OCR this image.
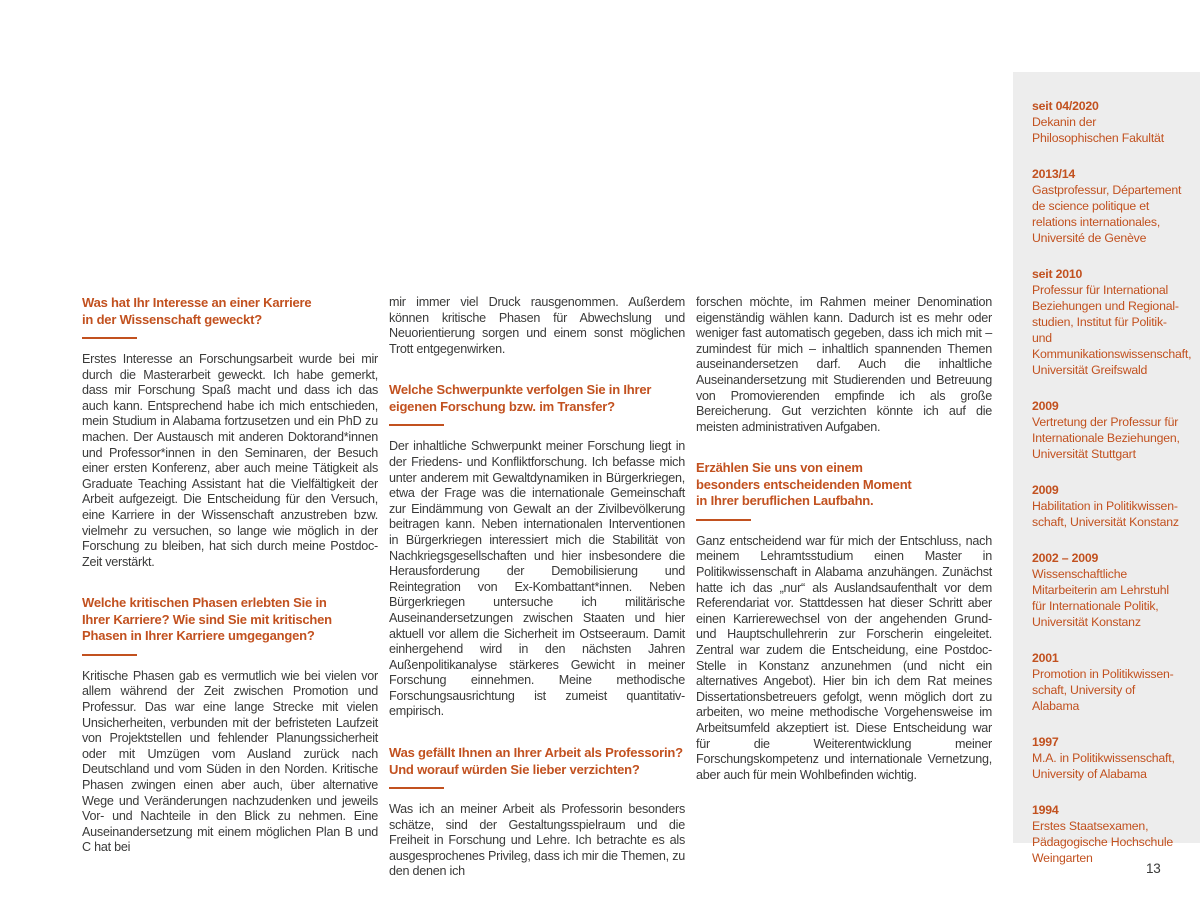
Was hat Ihr Interesse an einer Karriere
in der Wissenschaft geweckt?

Erstes Interesse an Forschungsarbeit wurde bei mir durch die Masterarbeit geweckt. Ich habe gemerkt, dass mir Forschung Spaß macht und dass ich das auch kann. Entsprechend habe ich mich entschieden, mein Studium in Alabama fortzusetzen und ein PhD zu machen. Der Austausch mit anderen Doktorand*innen und Professor*innen in den Seminaren, der Besuch einer ersten Konferenz, aber auch meine Tätigkeit als Graduate Teaching Assistant hat die Vielfältigkeit der Arbeit aufgezeigt. Die Entscheidung für den Versuch, eine Karriere in der Wissenschaft anzustreben bzw. vielmehr zu versuchen, so lange wie möglich in der Forschung zu bleiben, hat sich durch meine Postdoc-Zeit verstärkt.

Welche kritischen Phasen erlebten Sie in
Ihrer Karriere? Wie sind Sie mit kritischen
Phasen in Ihrer Karriere umgegangen?

Kritische Phasen gab es vermutlich wie bei vielen vor allem während der Zeit zwischen Promotion und Professur. Das war eine lange Strecke mit vielen Unsicherheiten, verbunden mit der befristeten Laufzeit von Projektstellen und fehlender Planungssicherheit oder mit Umzügen vom Ausland zurück nach Deutschland und vom Süden in den Norden. Kritische Phasen zwingen einen aber auch, über alternative Wege und Veränderungen nachzudenken und jeweils Vor- und Nachteile in den Blick zu nehmen. Eine Auseinandersetzung mit einem möglichen Plan B und C hat bei

mir immer viel Druck rausgenommen. Außerdem können kritische Phasen für Abwechslung und Neuorientierung sorgen und einem sonst möglichen Trott entgegenwirken.

Welche Schwerpunkte verfolgen Sie in Ihrer
eigenen Forschung bzw. im Transfer?

Der inhaltliche Schwerpunkt meiner Forschung liegt in der Friedens- und Konfliktforschung. Ich befasse mich unter anderem mit Gewaltdynamiken in Bürgerkriegen, etwa der Frage was die internationale Gemeinschaft zur Eindämmung von Gewalt an der Zivilbevölkerung beitragen kann. Neben internationalen Interventionen in Bürgerkriegen interessiert mich die Stabilität von Nachkriegsgesellschaften und hier insbesondere die Herausforderung der Demobilisierung und Reintegration von Ex-Kombattant*innen. Neben Bürgerkriegen untersuche ich militärische Auseinandersetzungen zwischen Staaten und hier aktuell vor allem die Sicherheit im Ostseeraum. Damit einhergehend wird in den nächsten Jahren Außenpolitikanalyse stärkeres Gewicht in meiner Forschung einnehmen. Meine methodische Forschungsausrichtung ist zumeist quantitativ-empirisch.

Was gefällt Ihnen an Ihrer Arbeit als Professorin?
Und worauf würden Sie lieber verzichten?

Was ich an meiner Arbeit als Professorin besonders schätze, sind der Gestaltungsspielraum und die Freiheit in Forschung und Lehre. Ich betrachte es als ausgesprochenes Privileg, dass ich mir die Themen, zu den denen ich

forschen möchte, im Rahmen meiner Denomination eigenständig wählen kann. Dadurch ist es mehr oder weniger fast automatisch gegeben, dass ich mich mit – zumindest für mich – inhaltlich spannenden Themen auseinandersetzen darf. Auch die inhaltliche Auseinandersetzung mit Studierenden und Betreuung von Promovierenden empfinde ich als große Bereicherung. Gut verzichten könnte ich auf die meisten administrativen Aufgaben.

Erzählen Sie uns von einem
besonders entscheidenden Moment
in Ihrer beruflichen Laufbahn.

Ganz entscheidend war für mich der Entschluss, nach meinem Lehramtsstudium einen Master in Politikwissenschaft in Alabama anzuhängen. Zunächst hatte ich das „nur“ als Auslandsaufenthalt vor dem Referendariat vor. Stattdessen hat dieser Schritt aber einen Karrierewechsel von der angehenden Grund- und Hauptschullehrerin zur Forscherin eingeleitet. Zentral war zudem die Entscheidung, eine Postdoc-Stelle in Konstanz anzunehmen (und nicht ein alternatives Angebot). Hier bin ich dem Rat meines Dissertationsbetreuers gefolgt, wenn möglich dort zu arbeiten, wo meine methodische Vorgehensweise im Arbeitsumfeld akzeptiert ist. Diese Entscheidung war für die Weiterentwicklung meiner Forschungskompetenz und internationale Vernetzung, aber auch für mein Wohlbefinden wichtig.

seit 04/2020
Dekanin der
Philosophischen Fakultät
2013/14
Gastprofessur, Département
de science politique et
relations internationales,
Université de Genève
seit 2010
Professur für International
Beziehungen und Regional-
studien, Institut für Politik- und
Kommunikationswissenschaft,
Universität Greifswald
2009
Vertretung der Professur für
Internationale Beziehungen,
Universität Stuttgart
2009
Habilitation in Politikwissen-
schaft, Universität Konstanz
2002 – 2009
Wissenschaftliche
Mitarbeiterin am Lehrstuhl
für Internationale Politik,
Universität Konstanz
2001
Promotion in Politikwissen-
schaft, University of Alabama
1997
M.A. in Politikwissenschaft,
University of Alabama
1994
Erstes Staatsexamen,
Pädagogische Hochschule
Weingarten
13
